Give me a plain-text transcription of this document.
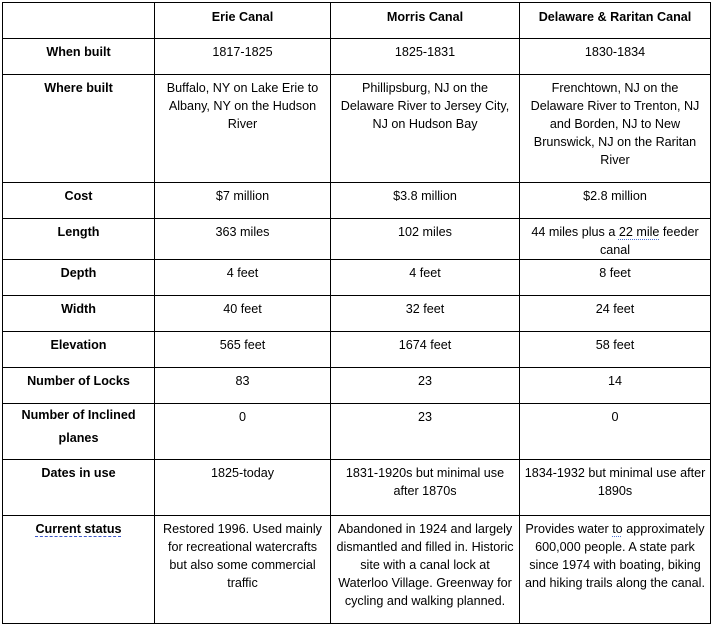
	Erie Canal	Morris Canal	Delaware & Raritan Canal
When built	1817-1825	1825-1831	1830-1834
Where built	Buffalo, NY on Lake Erie to Albany, NY on the Hudson River	Phillipsburg, NJ on the Delaware River to Jersey City, NJ on Hudson Bay	Frenchtown, NJ on the Delaware River to Trenton, NJ and Borden, NJ to New Brunswick, NJ on the Raritan River
Cost	$7 million	$3.8 million	$2.8 million
Length	363 miles	102 miles	44 miles plus a 22 mile feeder canal
Depth	4 feet	4 feet	8 feet
Width	40 feet	32 feet	24 feet
Elevation	565 feet	1674 feet	58 feet
Number of Locks	83	23	14
Number of Inclined planes	0	23	0
Dates in use	1825-today	1831-1920s but minimal use after 1870s	1834-1932 but minimal use after 1890s
Current status	Restored 1996. Used mainly for recreational watercrafts but also some commercial traffic	Abandoned in 1924 and largely dismantled and filled in. Historic site with a canal lock at Waterloo Village. Greenway for cycling and walking planned.	Provides water to approximately 600,000 people. A state park since 1974 with boating, biking and hiking trails along the canal.
